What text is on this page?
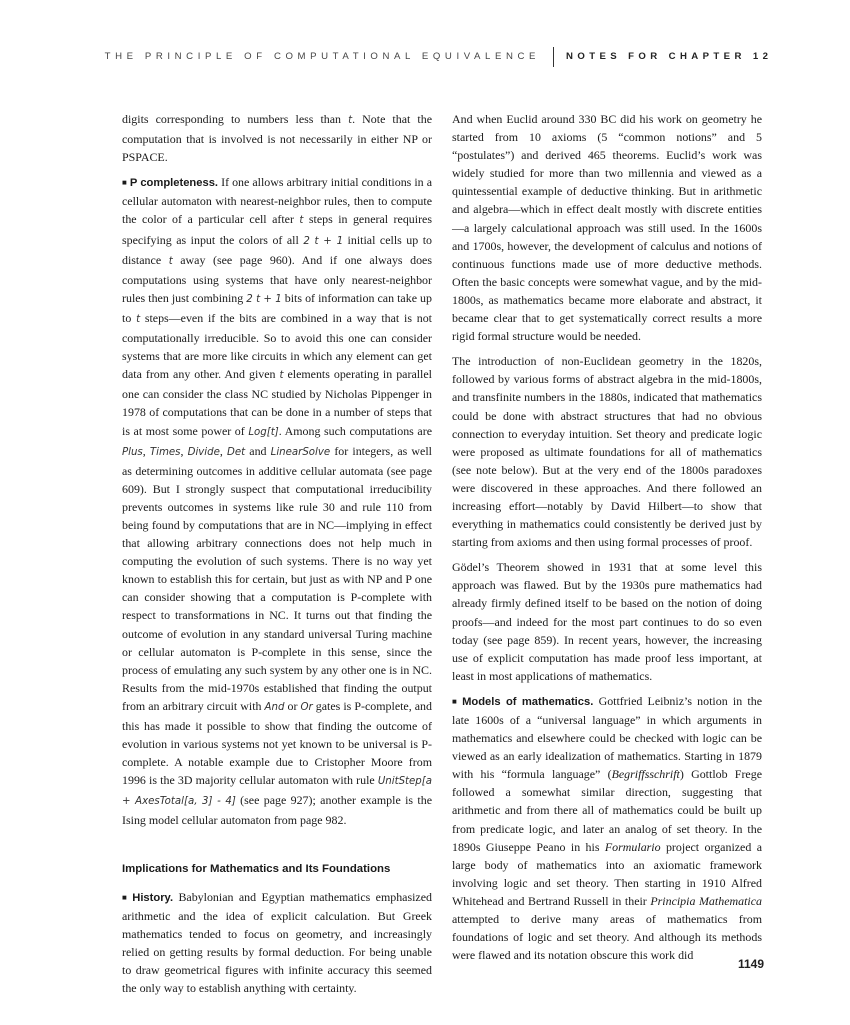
THE PRINCIPLE OF COMPUTATIONAL EQUIVALENCE	NOTES FOR CHAPTER 12

digits corresponding to numbers less than t. Note that the computation that is involved is not necessarily in either NP or PSPACE.

■ P completeness. If one allows arbitrary initial conditions in a cellular automaton with nearest-neighbor rules, then to compute the color of a particular cell after t steps in general requires specifying as input the colors of all 2 t + 1 initial cells up to distance t away (see page 960). And if one always does computations using systems that have only nearest-neighbor rules then just combining 2 t + 1 bits of information can take up to t steps—even if the bits are combined in a way that is not computationally irreducible. So to avoid this one can consider systems that are more like circuits in which any element can get data from any other. And given t elements operating in parallel one can consider the class NC studied by Nicholas Pippenger in 1978 of computations that can be done in a number of steps that is at most some power of Log[t]. Among such computations are Plus, Times, Divide, Det and LinearSolve for integers, as well as determining outcomes in additive cellular automata (see page 609). But I strongly suspect that computational irreducibility prevents outcomes in systems like rule 30 and rule 110 from being found by computations that are in NC—implying in effect that allowing arbitrary connections does not help much in computing the evolution of such systems. There is no way yet known to establish this for certain, but just as with NP and P one can consider showing that a computation is P-complete with respect to transformations in NC. It turns out that finding the outcome of evolution in any standard universal Turing machine or cellular automaton is P-complete in this sense, since the process of emulating any such system by any other one is in NC. Results from the mid-1970s established that finding the output from an arbitrary circuit with And or Or gates is P-complete, and this has made it possible to show that finding the outcome of evolution in various systems not yet known to be universal is P-complete. A notable example due to Cristopher Moore from 1996 is the 3D majority cellular automaton with rule UnitStep[a + AxesTotal[a, 3] - 4] (see page 927); another example is the Ising model cellular automaton from page 982.

Implications for Mathematics and Its Foundations

■ History. Babylonian and Egyptian mathematics emphasized arithmetic and the idea of explicit calculation. But Greek mathematics tended to focus on geometry, and increasingly relied on getting results by formal deduction. For being unable to draw geometrical figures with infinite accuracy this seemed the only way to establish anything with certainty.

And when Euclid around 330 BC did his work on geometry he started from 10 axioms (5 “common notions” and 5 “postulates”) and derived 465 theorems. Euclid’s work was widely studied for more than two millennia and viewed as a quintessential example of deductive thinking. But in arithmetic and algebra—which in effect dealt mostly with discrete entities—a largely calculational approach was still used. In the 1600s and 1700s, however, the development of calculus and notions of continuous functions made use of more deductive methods. Often the basic concepts were somewhat vague, and by the mid-1800s, as mathematics became more elaborate and abstract, it became clear that to get systematically correct results a more rigid formal structure would be needed.

The introduction of non-Euclidean geometry in the 1820s, followed by various forms of abstract algebra in the mid-1800s, and transfinite numbers in the 1880s, indicated that mathematics could be done with abstract structures that had no obvious connection to everyday intuition. Set theory and predicate logic were proposed as ultimate foundations for all of mathematics (see note below). But at the very end of the 1800s paradoxes were discovered in these approaches. And there followed an increasing effort—notably by David Hilbert—to show that everything in mathematics could consistently be derived just by starting from axioms and then using formal processes of proof.

Gödel’s Theorem showed in 1931 that at some level this approach was flawed. But by the 1930s pure mathematics had already firmly defined itself to be based on the notion of doing proofs—and indeed for the most part continues to do so even today (see page 859). In recent years, however, the increasing use of explicit computation has made proof less important, at least in most applications of mathematics.

■ Models of mathematics. Gottfried Leibniz’s notion in the late 1600s of a “universal language” in which arguments in mathematics and elsewhere could be checked with logic can be viewed as an early idealization of mathematics. Starting in 1879 with his “formula language” (Begriffsschrift) Gottlob Frege followed a somewhat similar direction, suggesting that arithmetic and from there all of mathematics could be built up from predicate logic, and later an analog of set theory. In the 1890s Giuseppe Peano in his Formulario project organized a large body of mathematics into an axiomatic framework involving logic and set theory. Then starting in 1910 Alfred Whitehead and Bertrand Russell in their Principia Mathematica attempted to derive many areas of mathematics from foundations of logic and set theory. And although its methods were flawed and its notation obscure this work did

1149
